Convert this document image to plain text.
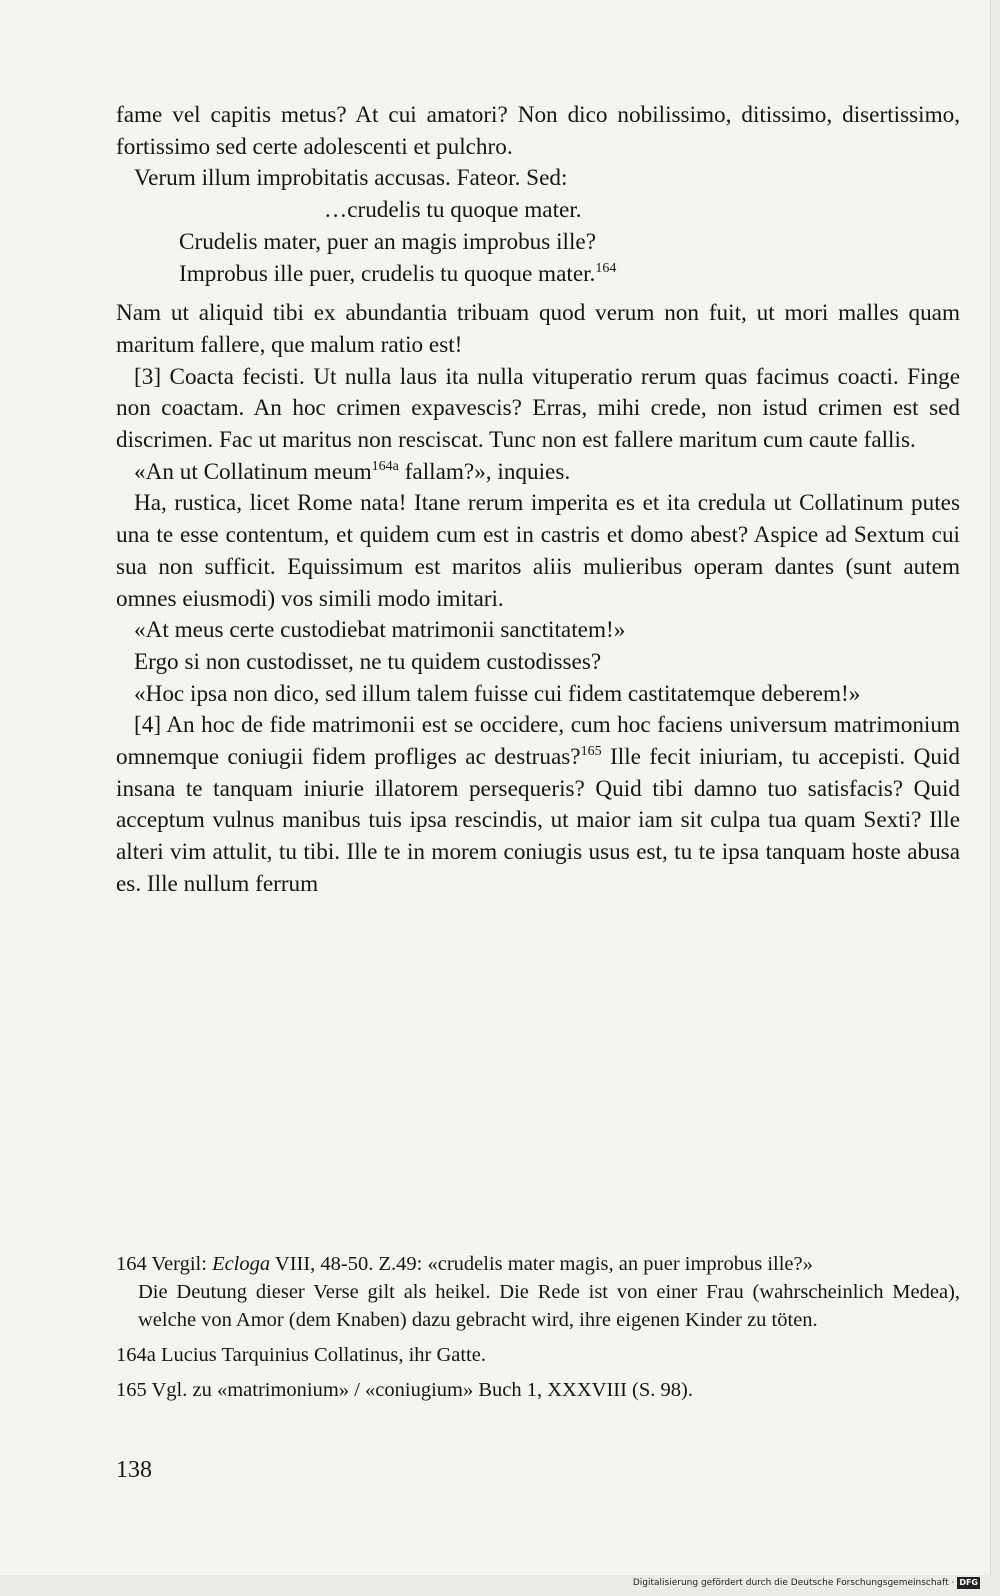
fame vel capitis metus? At cui amatori? Non dico nobilissimo, ditissimo, disertissimo, fortissimo sed certe adolescenti et pulchro.

Verum illum improbitatis accusas. Fateor. Sed:

…crudelis tu quoque mater.

Crudelis mater, puer an magis improbus ille?

Improbus ille puer, crudelis tu quoque mater.$^{164}$

Nam ut aliquid tibi ex abundantia tribuam quod verum non fuit, ut mori malles quam maritum fallere, que malum ratio est!

[3] Coacta fecisti. Ut nulla laus ita nulla vituperatio rerum quas facimus coacti. Finge non coactam. An hoc crimen expavescis? Erras, mihi crede, non istud crimen est sed discrimen. Fac ut maritus non resciscat. Tunc non est fallere maritum cum caute fallis.

«An ut Collatinum meum$^{164a}$ fallam?», inquies.

Ha, rustica, licet Rome nata! Itane rerum imperita es et ita credula ut Collatinum putes una te esse contentum, et quidem cum est in castris et domo abest? Aspice ad Sextum cui sua non sufficit. Equissimum est maritos aliis mulieribus operam dantes (sunt autem omnes eiusmodi) vos simili modo imitari.

«At meus certe custodiebat matrimonii sanctitatem!»

Ergo si non custodisset, ne tu quidem custodisses?

«Hoc ipsa non dico, sed illum talem fuisse cui fidem castitatemque deberem!»

[4] An hoc de fide matrimonii est se occidere, cum hoc faciens universum matrimonium omnemque coniugii fidem profliges ac destruas?$^{165}$ Ille fecit iniuriam, tu accepisti. Quid insana te tanquam iniurie illatorem persequeris? Quid tibi damno tuo satisfacis? Quid acceptum vulnus manibus tuis ipsa rescindis, ut maior iam sit culpa tua quam Sexti? Ille alteri vim attulit, tu tibi. Ille te in morem coniugis usus est, tu te ipsa tanquam hoste abusa es. Ille nullum ferrum

164 Vergil: Ecloga VIII, 48-50. Z.49: «crudelis mater magis, an puer improbus ille?»
Die Deutung dieser Verse gilt als heikel. Die Rede ist von einer Frau (wahrscheinlich Medea), welche von Amor (dem Knaben) dazu gebracht wird, ihre eigenen Kinder zu töten.

164a Lucius Tarquinius Collatinus, ihr Gatte.

165 Vgl. zu «matrimonium» / «coniugium» Buch 1, XXXVIII (S. 98).

138
Digitalisierung gefördert durch die Deutsche Forschungsgemeinschaft · DFG
